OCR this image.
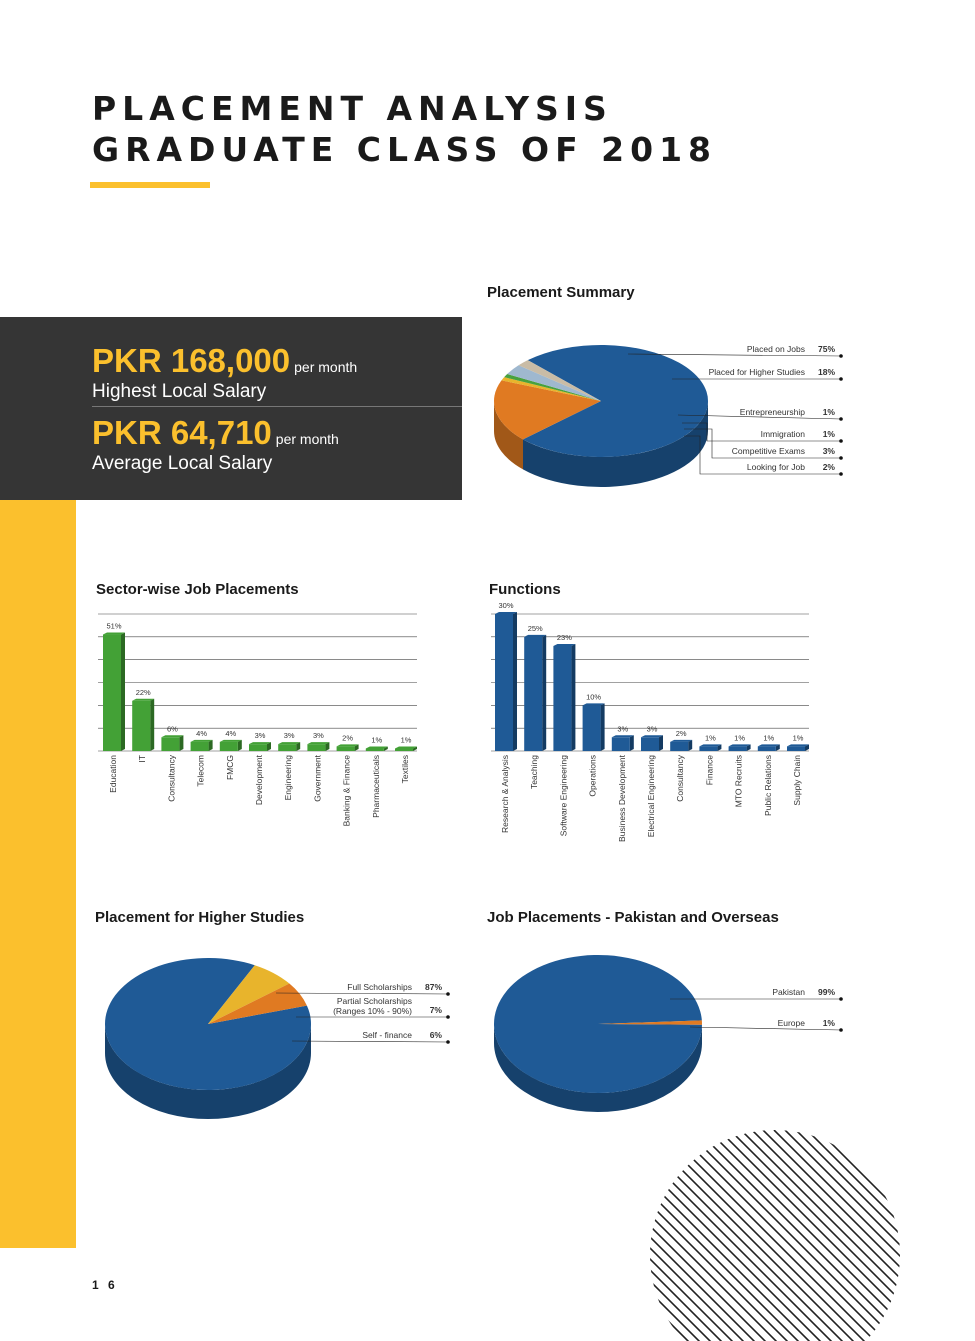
PLACEMENT ANALYSIS
GRADUATE CLASS OF 2018
PKR 168,000 per month
Highest Local Salary
PKR 64,710 per month
Average Local Salary
Placement Summary
Sector-wise Job Placements	Functions
Placement for Higher Studies	Job Placements - Pakistan and Overseas
Placed on Jobs 75%
Placed for Higher Studies 18%
Entrepreneurship 1%
Immigration 1%
Competitive Exams 3%
Looking for Job 2%
51%
Education
22%
IT
6%
Consultancy
4%
Telecom
4%
FMCG
3%
Development
3%
Engineering
3%
Government
2%
Banking & Finance
1%
Pharmaceuticals
1%
Textiles
30%
Research & Analysis
25%
Teaching
23%
Software Engineering
10%
Operations
3%
Business Development
3%
Electrical Engineering
2%
Consultancy
1%
Finance
1%
MTO Recruits
1%
Public Relations
1%
Supply Chain
Full Scholarships 87%
Partial Scholarships
(Ranges 10% - 90%) 7%
Self - finance 6%
Pakistan 99%
Europe 1%
1 6
